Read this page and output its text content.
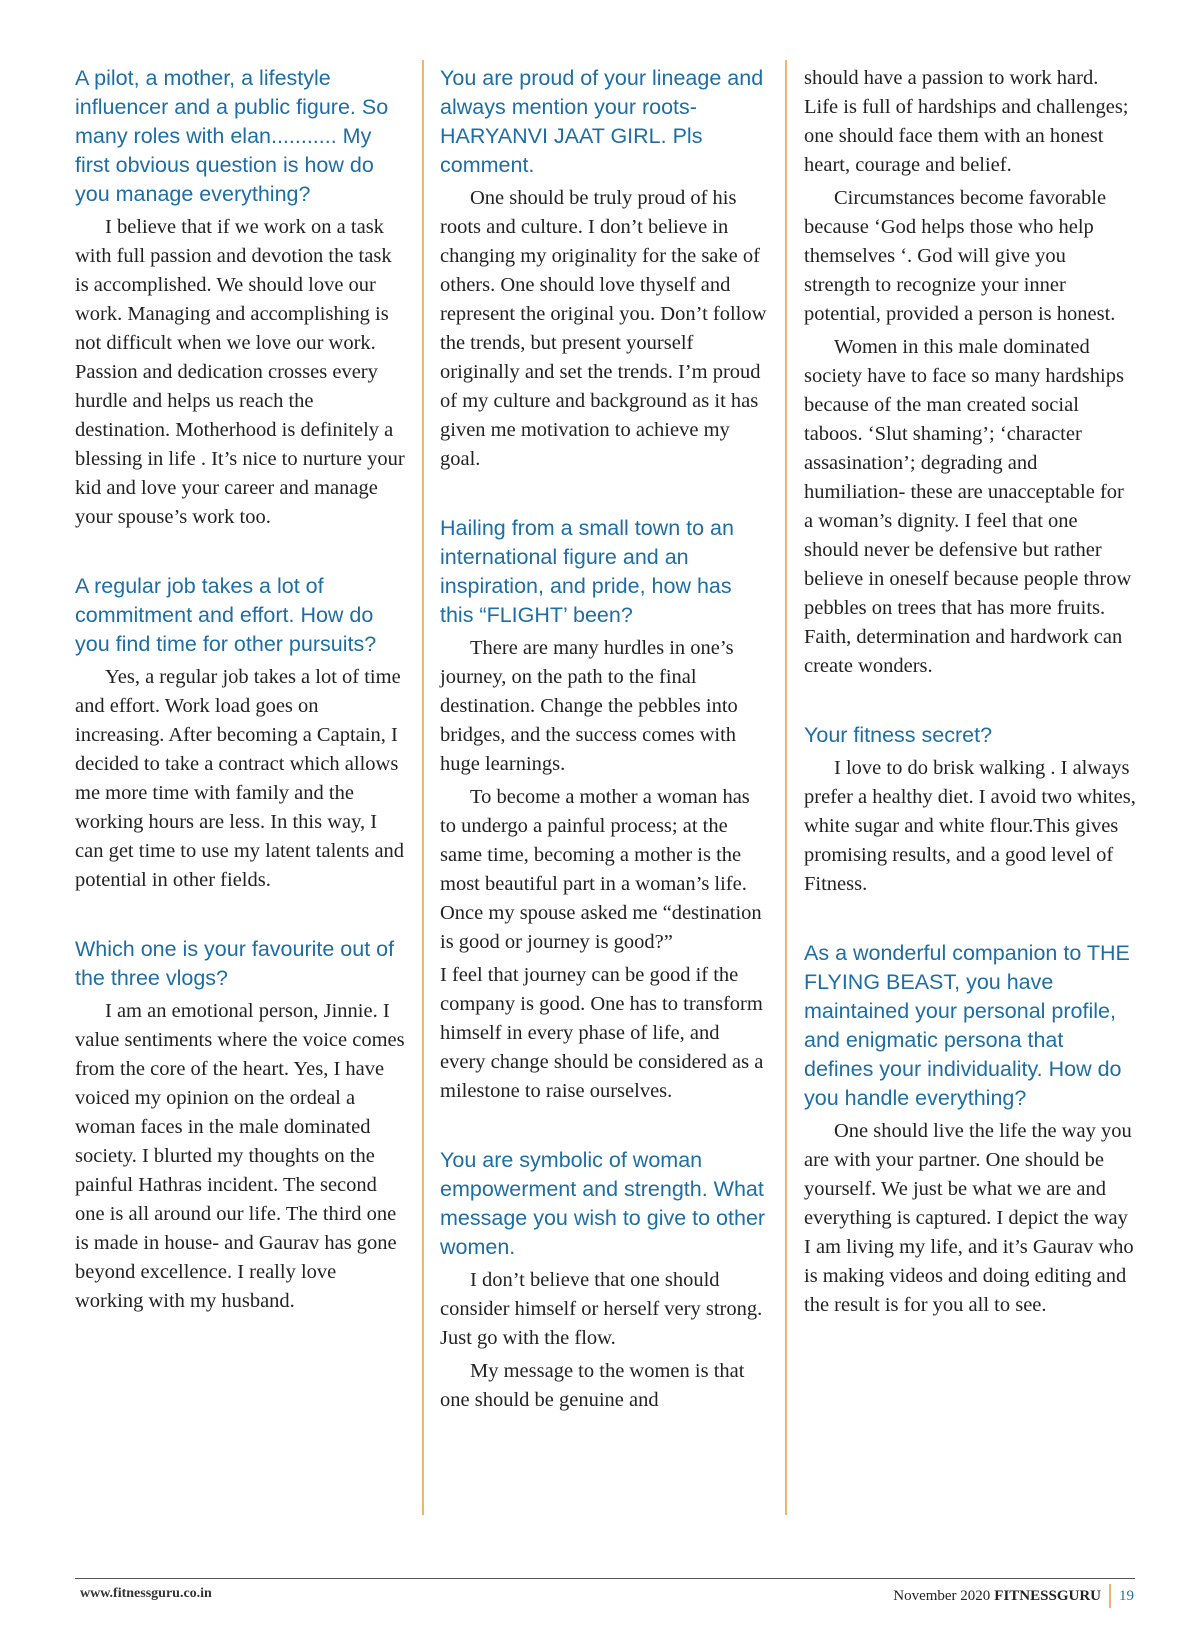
A pilot, a mother, a lifestyle influencer and a public figure. So many roles with elan........... My first obvious question is how do you manage everything?
I believe that if we work on a task with full passion and devotion the task is accomplished. We should love our work. Managing and accomplishing is not difficult when we love our work. Passion and dedication crosses every hurdle and helps us reach the destination. Motherhood is definitely a blessing in life . It’s nice to nurture your kid and love your career and manage your spouse’s work too.
A regular job takes a lot of commitment and effort. How do you find time for other pursuits?
Yes, a regular job takes a lot of time and effort. Work load goes on increasing. After becoming a Captain, I decided to take a contract which allows me more time with family and the working hours are less. In this way, I can get time to use my latent talents and potential in other fields.
Which one is your favourite out of the three vlogs?
I am an emotional person, Jinnie. I value sentiments where the voice comes from the core of the heart. Yes, I have voiced my opinion on the ordeal a woman faces in the male dominated society. I blurted my thoughts on the painful Hathras incident. The second one is all around our life. The third one is made in house- and Gaurav has gone beyond excellence. I really love working with my husband.
You are proud of your lineage and always mention your roots- HARYANVI JAAT GIRL. Pls comment.
One should be truly proud of his roots and culture. I don’t believe in changing my originality for the sake of others. One should love thyself and represent the original you. Don’t follow the trends, but present yourself originally and set the trends. I’m proud of my culture and background as it has given me motivation to achieve my goal.
Hailing from a small town to an international figure and an inspiration, and pride, how has this “FLIGHT’ been?
There are many hurdles in one’s journey, on the path to the final destination. Change the pebbles into bridges, and the success comes with huge learnings.
To become a mother a woman has to undergo a painful process; at the same time, becoming a mother is the most beautiful part in a woman’s life. Once my spouse asked me “destination is good or journey is good?”
I feel that journey can be good if the company is good. One has to transform himself in every phase of life, and every change should be considered as a milestone to raise ourselves.
You are symbolic of woman empowerment and strength. What message you wish to give to other women.
I don’t believe that one should consider himself or herself very strong. Just go with the flow.
My message to the women is that one should be genuine and
should have a passion to work hard. Life is full of hardships and challenges; one should face them with an honest heart, courage and belief.
Circumstances become favorable because ‘God helps those who help themselves ‘. God will give you strength to recognize your inner potential, provided a person is honest.
Women in this male dominated society have to face so many hardships because of the man created social taboos. ‘Slut shaming’; ‘character assasination’; degrading and humiliation- these are unacceptable for a woman’s dignity. I feel that one should never be defensive but rather believe in oneself because people throw pebbles on trees that has more fruits. Faith, determination and hardwork can create wonders.
Your fitness secret?
I love to do brisk walking . I always prefer a healthy diet. I avoid two whites, white sugar and white flour.This gives promising results, and a good level of Fitness.
As a wonderful companion to THE FLYING BEAST, you have maintained your personal profile, and enigmatic persona that defines your individuality. How do you handle everything?
One should live the life the way you are with your partner. One should be yourself. We just be what we are and everything is captured. I depict the way I am living my life, and it’s Gaurav who is making videos and doing editing and the result is for you all to see.
www.fitnessguru.co.in	November 2020 FITNESSGURU 19
